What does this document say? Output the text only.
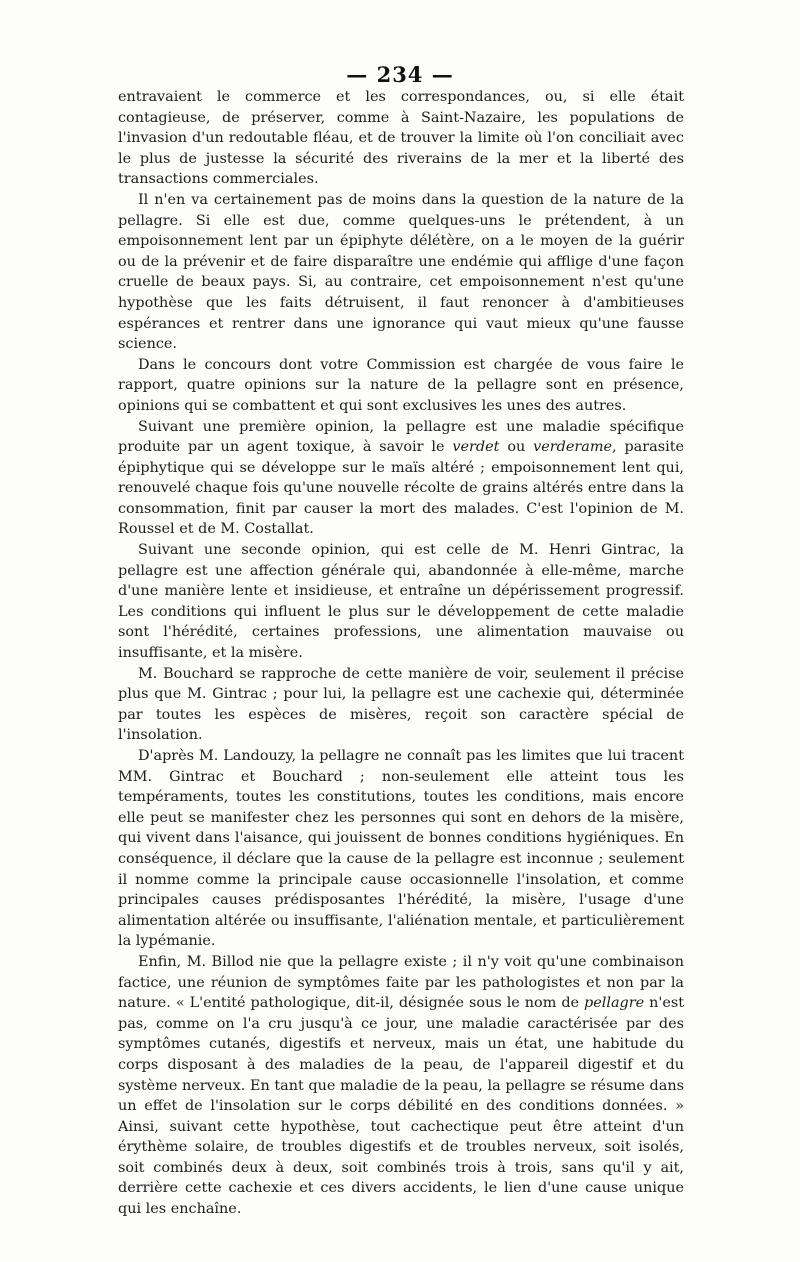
— 234 —

entravaient le commerce et les correspondances, ou, si elle était contagieuse, de préserver, comme à Saint-Nazaire, les populations de l'invasion d'un redoutable fléau, et de trouver la limite où l'on conciliait avec le plus de justesse la sécurité des riverains de la mer et la liberté des transactions commerciales.

Il n'en va certainement pas de moins dans la question de la nature de la pellagre. Si elle est due, comme quelques-uns le prétendent, à un empoisonnement lent par un épiphyte délétère, on a le moyen de la guérir ou de la prévenir et de faire disparaître une endémie qui afflige d'une façon cruelle de beaux pays. Si, au contraire, cet empoisonnement n'est qu'une hypothèse que les faits détruisent, il faut renoncer à d'ambitieuses espérances et rentrer dans une ignorance qui vaut mieux qu'une fausse science.

Dans le concours dont votre Commission est chargée de vous faire le rapport, quatre opinions sur la nature de la pellagre sont en présence, opinions qui se combattent et qui sont exclusives les unes des autres.

Suivant une première opinion, la pellagre est une maladie spécifique produite par un agent toxique, à savoir le verdet ou verderame, parasite épiphytique qui se développe sur le maïs altéré ; empoisonnement lent qui, renouvelé chaque fois qu'une nouvelle récolte de grains altérés entre dans la consommation, finit par causer la mort des malades. C'est l'opinion de M. Roussel et de M. Costallat.

Suivant une seconde opinion, qui est celle de M. Henri Gintrac, la pellagre est une affection générale qui, abandonnée à elle-même, marche d'une manière lente et insidieuse, et entraîne un dépérissement progressif. Les conditions qui influent le plus sur le développement de cette maladie sont l'hérédité, certaines professions, une alimentation mauvaise ou insuffisante, et la misère.

M. Bouchard se rapproche de cette manière de voir, seulement il précise plus que M. Gintrac ; pour lui, la pellagre est une cachexie qui, déterminée par toutes les espèces de misères, reçoit son caractère spécial de l'insolation.

D'après M. Landouzy, la pellagre ne connaît pas les limites que lui tracent MM. Gintrac et Bouchard ; non-seulement elle atteint tous les tempéraments, toutes les constitutions, toutes les conditions, mais encore elle peut se manifester chez les personnes qui sont en dehors de la misère, qui vivent dans l'aisance, qui jouissent de bonnes conditions hygiéniques. En conséquence, il déclare que la cause de la pellagre est inconnue ; seulement il nomme comme la principale cause occasionnelle l'insolation, et comme principales causes prédisposantes l'hérédité, la misère, l'usage d'une alimentation altérée ou insuffisante, l'aliénation mentale, et particulièrement la lypémanie.

Enfin, M. Billod nie que la pellagre existe ; il n'y voit qu'une combinaison factice, une réunion de symptômes faite par les pathologistes et non par la nature. « L'entité pathologique, dit-il, désignée sous le nom de pellagre n'est pas, comme on l'a cru jusqu'à ce jour, une maladie caractérisée par des symptômes cutanés, digestifs et nerveux, mais un état, une habitude du corps disposant à des maladies de la peau, de l'appareil digestif et du système nerveux. En tant que maladie de la peau, la pellagre se résume dans un effet de l'insolation sur le corps débilité en des conditions données. » Ainsi, suivant cette hypothèse, tout cachectique peut être atteint d'un érythème solaire, de troubles digestifs et de troubles nerveux, soit isolés, soit combinés deux à deux, soit combinés trois à trois, sans qu'il y ait, derrière cette cachexie et ces divers accidents, le lien d'une cause unique qui les enchaîne.
